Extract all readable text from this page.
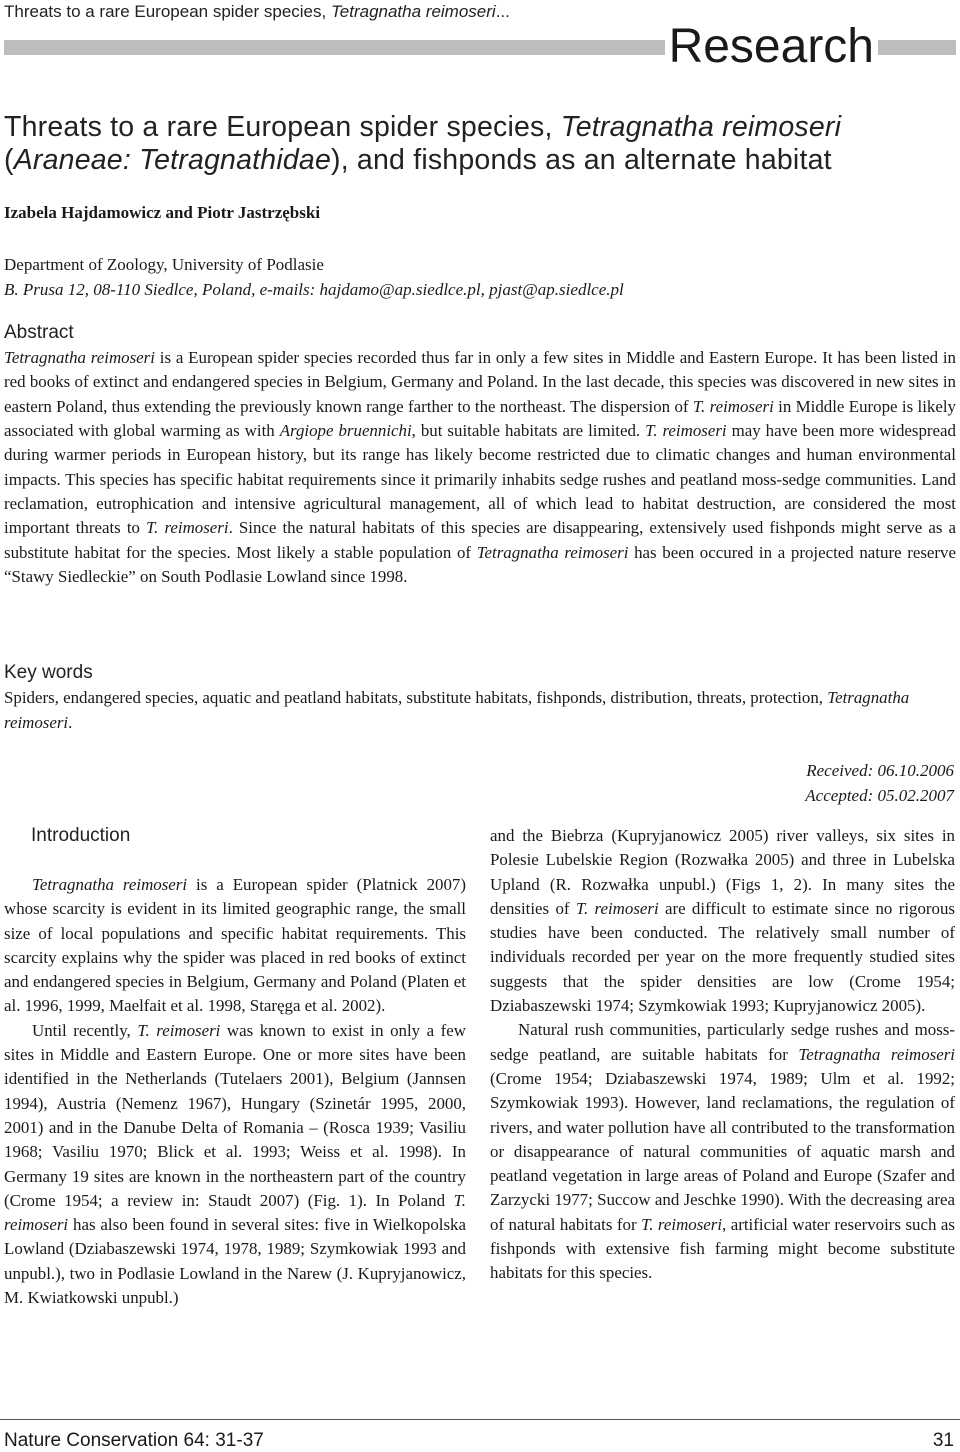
Threats to a rare European spider species, Tetragnatha reimoseri...
Research
Threats to a rare European spider species, Tetragnatha reimoseri (Araneae: Tetragnathidae), and fishponds as an alternate habitat
Izabela Hajdamowicz and Piotr Jastrzębski
Department of Zoology, University of Podlasie
B. Prusa 12, 08-110 Siedlce, Poland, e-mails: hajdamo@ap.siedlce.pl, pjast@ap.siedlce.pl
Abstract

Tetragnatha reimoseri is a European spider species recorded thus far in only a few sites in Middle and Eastern Europe. It has been listed in red books of extinct and endangered species in Belgium, Germany and Poland. In the last decade, this species was discovered in new sites in eastern Poland, thus extending the previously known range farther to the northeast. The dispersion of T. reimoseri in Middle Europe is likely associated with global warming as with Argiope bruennichi, but suitable habitats are limited. T. reimoseri may have been more widespread during warmer periods in European history, but its range has likely become restricted due to climatic changes and human environmental impacts. This species has specific habitat requirements since it primarily inhabits sedge rushes and peatland moss-sedge communities. Land reclamation, eutrophication and intensive agricultural management, all of which lead to habitat destruction, are considered the most important threats to T. reimoseri. Since the natural habitats of this species are disappearing, extensively used fishponds might serve as a substitute habitat for the species. Most likely a stable population of Tetragnatha reimoseri has been occured in a projected nature reserve “Stawy Siedleckie” on South Podlasie Lowland since 1998.

Key words

Spiders, endangered species, aquatic and peatland habitats, substitute habitats, fishponds, distribution, threats, protection, Tetragnatha reimoseri.

Received: 06.10.2006
Accepted: 05.02.2007
Introduction

Tetragnatha reimoseri is a European spider (Platnick 2007) whose scarcity is evident in its limited geographic range, the small size of local populations and specific habitat requirements. This scarcity explains why the spider was placed in red books of extinct and endangered species in Belgium, Germany and Poland (Platen et al. 1996, 1999, Maelfait et al. 1998, Staręga et al. 2002).

Until recently, T. reimoseri was known to exist in only a few sites in Middle and Eastern Europe. One or more sites have been identified in the Netherlands (Tutelaers 2001), Belgium (Jannsen 1994), Austria (Nemenz 1967), Hungary (Szinetár 1995, 2000, 2001) and in the Danube Delta of Romania – (Rosca 1939; Vasiliu 1968; Vasiliu 1970; Blick et al. 1993; Weiss et al. 1998). In Germany 19 sites are known in the northeastern part of the country (Crome 1954; a review in: Staudt 2007) (Fig. 1). In Poland T. reimoseri has also been found in several sites: five in Wielkopolska Lowland (Dziabaszewski 1974, 1978, 1989; Szymkowiak 1993 and unpubl.), two in Podlasie Lowland in the Narew (J. Kupryjanowicz, M. Kwiatkowski unpubl.)

and the Biebrza (Kupryjanowicz 2005) river valleys, six sites in Polesie Lubelskie Region (Rozwałka 2005) and three in Lubelska Upland (R. Rozwałka unpubl.) (Figs 1, 2). In many sites the densities of T. reimoseri are difficult to estimate since no rigorous studies have been conducted. The relatively small number of individuals recorded per year on the more frequently studied sites suggests that the spider densities are low (Crome 1954; Dziabaszewski 1974; Szymkowiak 1993; Kupryjanowicz 2005).

Natural rush communities, particularly sedge rushes and moss-sedge peatland, are suitable habitats for Tetragnatha reimoseri (Crome 1954; Dziabaszewski 1974, 1989; Ulm et al. 1992; Szymkowiak 1993). However, land reclamations, the regulation of rivers, and water pollution have all contributed to the transformation or disappearance of natural communities of aquatic marsh and peatland vegetation in large areas of Poland and Europe (Szafer and Zarzycki 1977; Succow and Jeschke 1990). With the decreasing area of natural habitats for T. reimoseri, artificial water reservoirs such as fishponds with extensive fish farming might become substitute habitats for this species.

Nature Conservation 64: 31-37	31
